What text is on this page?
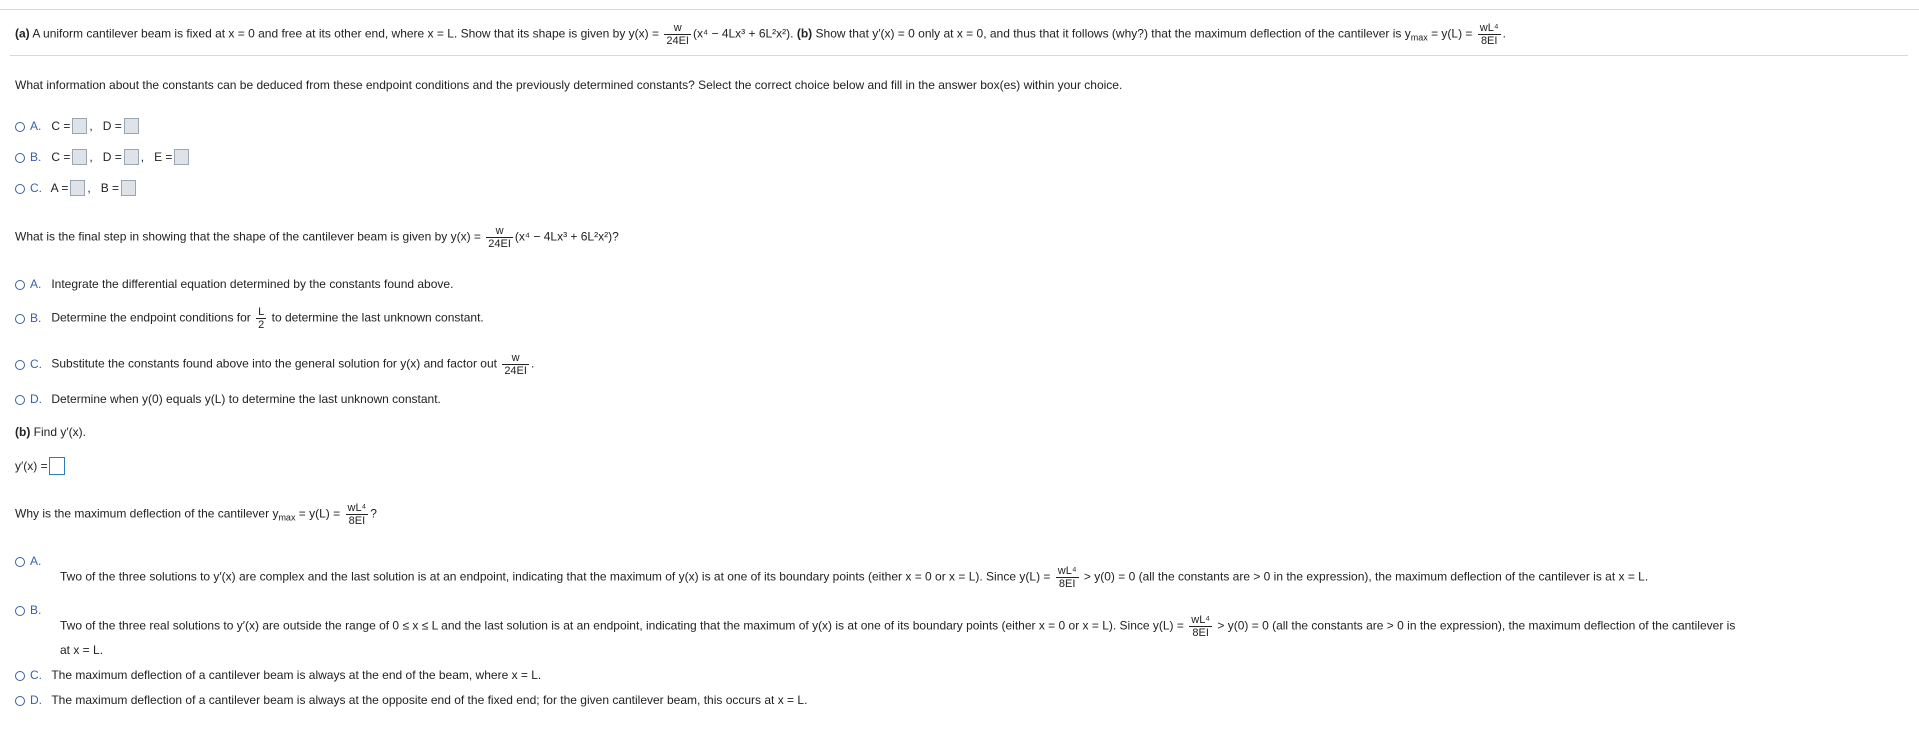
(a) A uniform cantilever beam is fixed at x = 0 and free at its other end, where x = L. Show that its shape is given by $y(x) = \frac{w}{24EI} (x^4 - 4Lx^3 + 6L^2x^2)$. (b) Show that y′(x) = 0 only at x = 0, and thus that it follows (why?) that the maximum deflection of the cantilever is $y_{max} = y(L) = \frac{\text{wL⁴}}{8EI}$ .
What information about the constants can be deduced from these endpoint conditions and the previously determined constants? Select the correct choice below and fill in the answer box(es) within your choice.
A. C = , D =
B. C = , D = , E =
C. A = , B =
What is the final step in showing that the shape of the cantilever beam is given by $y(x) = \frac{w}{24EI} (x^4 - 4Lx^3 + 6L^2x^2)$?
A. Integrate the differential equation determined by the constants found above.
B. Determine the endpoint conditions for $\frac{L}{2}$ to determine the last unknown constant.
C. Substitute the constants found above into the general solution for y(x) and factor out $\frac{w}{24EI}$ .
D. Determine when y(0) equals y(L) to determine the last unknown constant.
(b) Find y′(x).
y′(x) =
Why is the maximum deflection of the cantilever $y_{max} = y(L) = \frac{\text{wL⁴}}{8EI}$ ?
A.
Two of the three solutions to y′(x) are complex and the last solution is at an endpoint, indicating that the maximum of y(x) is at one of its boundary points (either x = 0 or x = L). Since $y(L) = \frac{\text{wL⁴}}{8EI} > y(0) = 0$ (all the constants are > 0 in the expression), the maximum deflection of the cantilever is at x = L.
B.
Two of the three real solutions to y′(x) are outside the range of 0 ≤ x ≤ L and the last solution is at an endpoint, indicating that the maximum of y(x) is at one of its boundary points (either x = 0 or x = L). Since $y(L) = \frac{\text{wL⁴}}{8EI} > y(0) = 0$ (all the constants are > 0 in the expression), the maximum deflection of the cantilever is
at x = L.
C. The maximum deflection of a cantilever beam is always at the end of the beam, where x = L.
D. The maximum deflection of a cantilever beam is always at the opposite end of the fixed end; for the given cantilever beam, this occurs at x = L.
